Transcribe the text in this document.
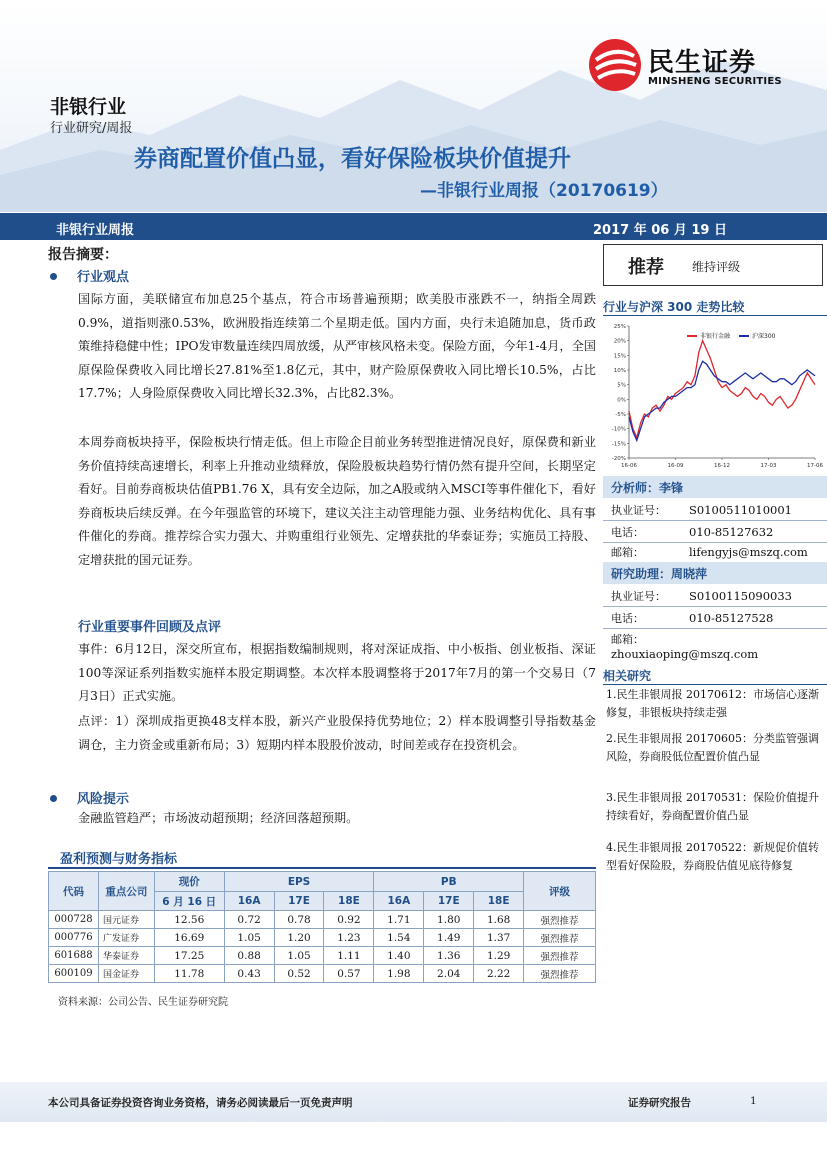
民生证券
MINSHENG SECURITIES
非银行业
行业研究/周报
券商配置价值凸显，看好保险板块价值提升
—非银行业周报（20170619）
非银行业周报	2017 年 06 月 19 日
报告摘要：
行业观点

国际方面，美联储宣布加息25个基点，符合市场普遍预期；欧美股市涨跌不一，纳指全周跌0.9%，道指则涨0.53%，欧洲股指连续第二个星期走低。国内方面，央行未追随加息，货币政策维持稳健中性；IPO发审数量连续四周放缓，从严审核风格未变。保险方面，今年1-4月，全国原保险保费收入同比增长27.81%至1.8亿元，其中，财产险原保费收入同比增长10.5%，占比17.7%；人身险原保费收入同比增长32.3%，占比82.3%。

本周券商板块持平，保险板块行情走低。但上市险企目前业务转型推进情况良好，原保费和新业务价值持续高速增长，利率上升推动业绩释放，保险股板块趋势行情仍然有提升空间，长期坚定看好。目前券商板块估值PB1.76 X，具有安全边际，加之A股或纳入MSCI等事件催化下，看好券商板块后续反弹。在今年强监管的环境下，建议关注主动管理能力强、业务结构优化、具有事件催化的券商。推荐综合实力强大、并购重组行业领先、定增获批的华泰证券；实施员工持股、定增获批的国元证券。

行业重要事件回顾及点评

事件：6月12日，深交所宣布，根据指数编制规则，将对深证成指、中小板指、创业板指、深证100等深证系列指数实施样本股定期调整。本次样本股调整将于2017年7月的第一个交易日（7月3日）正式实施。

点评：1）深圳成指更换48支样本股，新兴产业股保持优势地位；2）样本股调整引导指数基金调仓，主力资金或重新布局；3）短期内样本股股价波动，时间差或存在投资机会。

风险提示

金融监管趋严；市场波动超预期；经济回落超预期。

盈利预测与财务指标
代码	重点公司	现价	EPS			PB			评级
		6 月 16 日	16A	17E	18E	16A	17E	18E	
000728	国元证券	12.56	0.72	0.78	0.92	1.71	1.80	1.68	强烈推荐
000776	广发证券	16.69	1.05	1.20	1.23	1.54	1.49	1.37	强烈推荐
601688	华泰证券	17.25	0.88	1.05	1.11	1.40	1.36	1.29	强烈推荐
600109	国金证券	11.78	0.43	0.52	0.57	1.98	2.04	2.22	强烈推荐
资料来源：公司公告、民生证券研究院
推荐 维持评级
行业与沪深 300 走势比较
-20%
-15%
-10%
-5%
0%
5%
10%
15%
20%
25%
16-06	16-09	16-12	17-03	17-06
非银行金融	沪深300
分析师：李锋
执业证号： S0100511010001
电话：	010-85127632
邮箱：	lifengyjs@mszq.com
研究助理：周晓萍
执业证号： S0100115090033
电话：	010-85127528
邮箱：zhouxiaoping@mszq.com
相关研究
1.民生非银周报 20170612：市场信心逐渐修复，非银板块持续走强
2.民生非银周报 20170605：分类监管强调风险，券商股低位配置价值凸显
3.民生非银周报 20170531：保险价值提升持续看好，券商配置价值凸显
4.民生非银周报 20170522：新规促价值转型看好保险股，券商股估值见底待修复
本公司具备证券投资咨询业务资格，请务必阅读最后一页免责声明	证券研究报告	1
